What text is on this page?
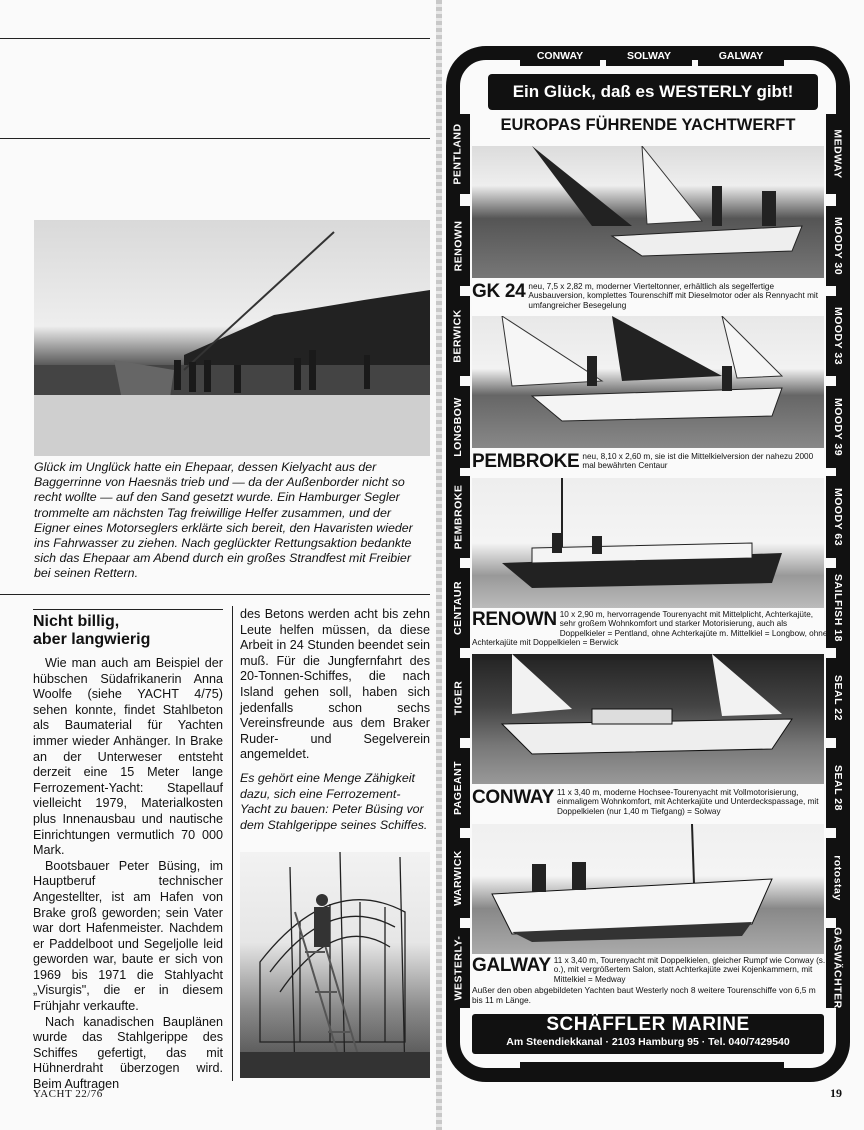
Glück im Unglück hatte ein Ehepaar, dessen Kielyacht aus der Baggerrinne von Haesnäs trieb und — da der Außenborder nicht so recht wollte — auf den Sand gesetzt wurde. Ein Hamburger Segler trommelte am nächsten Tag freiwillige Helfer zusammen, und der Eigner eines Motorseglers erklärte sich bereit, den Havaristen wieder ins Fahrwasser zu ziehen. Nach geglückter Rettungsaktion bedankte sich das Ehepaar am Abend durch ein großes Strandfest mit Freibier bei seinen Rettern.
Nicht billig,
aber langwierig

Wie man auch am Beispiel der hübschen Südafrikanerin Anna Woolfe (siehe YACHT 4/75) sehen konnte, findet Stahlbeton als Baumaterial für Yachten immer wieder Anhänger. In Brake an der Unterweser entsteht derzeit eine 15 Meter lange Ferrozement-Yacht: Stapellauf vielleicht 1979, Materialkosten plus Innenausbau und nautische Einrichtungen vermutlich 70 000 Mark.

Bootsbauer Peter Büsing, im Hauptberuf technischer Angestellter, ist am Hafen von Brake groß geworden; sein Vater war dort Hafenmeister. Nachdem er Paddelboot und Segeljolle leid geworden war, baute er sich von 1969 bis 1971 die Stahlyacht „Visurgis", die er in diesem Frühjahr verkaufte.

Nach kanadischen Bauplänen wurde das Stahlgerippe des Schiffes gefertigt, das mit Hühnerdraht überzogen wird. Beim Auftragen

des Betons werden acht bis zehn Leute helfen müssen, da diese Arbeit in 24 Stunden beendet sein muß. Für die Jungfernfahrt des 20-Tonnen-Schiffes, die nach Island gehen soll, haben sich jedenfalls schon sechs Vereinsfreunde aus dem Braker Ruder- und Segelverein angemeldet.

Es gehört eine Menge Zähigkeit dazu, sich eine Ferrozement-Yacht zu bauen: Peter Büsing vor dem Stahlgerippe seines Schiffes.
YACHT 22/76
CONWAY	SOLWAY	GALWAY
Ein Glück, daß es WESTERLY gibt!
EUROPAS FÜHRENDE YACHTWERFT
PENTLAND
RENOWN
BERWICK
LONGBOW
PEMBROKE
CENTAUR
TIGER
PAGEANT
WARWICK
WESTERLY-
MEDWAY
MOODY 30
MOODY 33
MOODY 39
MOODY 63
SAILFISH 18
SEAL 22
SEAL 28
rotostay
GASWÄCHTER
GK 24 neu, 7,5 x 2,82 m, moderner Vierteltonner, erhältlich als segelfertige Ausbauversion, komplettes Tourenschiff mit Dieselmotor oder als Rennyacht mit umfangreicher Besegelung
PEMBROKE neu, 8,10 x 2,60 m, sie ist die Mittelkielversion der nahezu 2000 mal bewährten Centaur
RENOWN 10 x 2,90 m, hervorragende Tourenyacht mit Mittelplicht, Achterkajüte, sehr großem Wohnkomfort und starker Motorisierung, auch als Doppelkieler = Pentland, ohne Achterkajüte m. Mittelkiel = Longbow, ohne Achterkajüte mit Doppelkielen = Berwick
CONWAY 11 x 3,40 m, moderne Hochsee-Tourenyacht mit Vollmotorisierung, einmaligem Wohnkomfort, mit Achterkajüte und Unterdeckspassage, mit Doppelkielen (nur 1,40 m Tiefgang) = Solway
GALWAY 11 x 3,40 m, Tourenyacht mit Doppelkielen, gleicher Rumpf wie Conway (s. o.), mit vergrößertem Salon, statt Achterkajüte zwei Kojenkammern, mit Mittelkiel = Medway
Außer den oben abgebildeten Yachten baut Westerly noch 8 weitere Tourenschiffe von 6,5 m bis 11 m Länge.
SCHÄFFLER MARINE
Am Steendiekkanal · 2103 Hamburg 95 · Tel. 040/7429540
19
